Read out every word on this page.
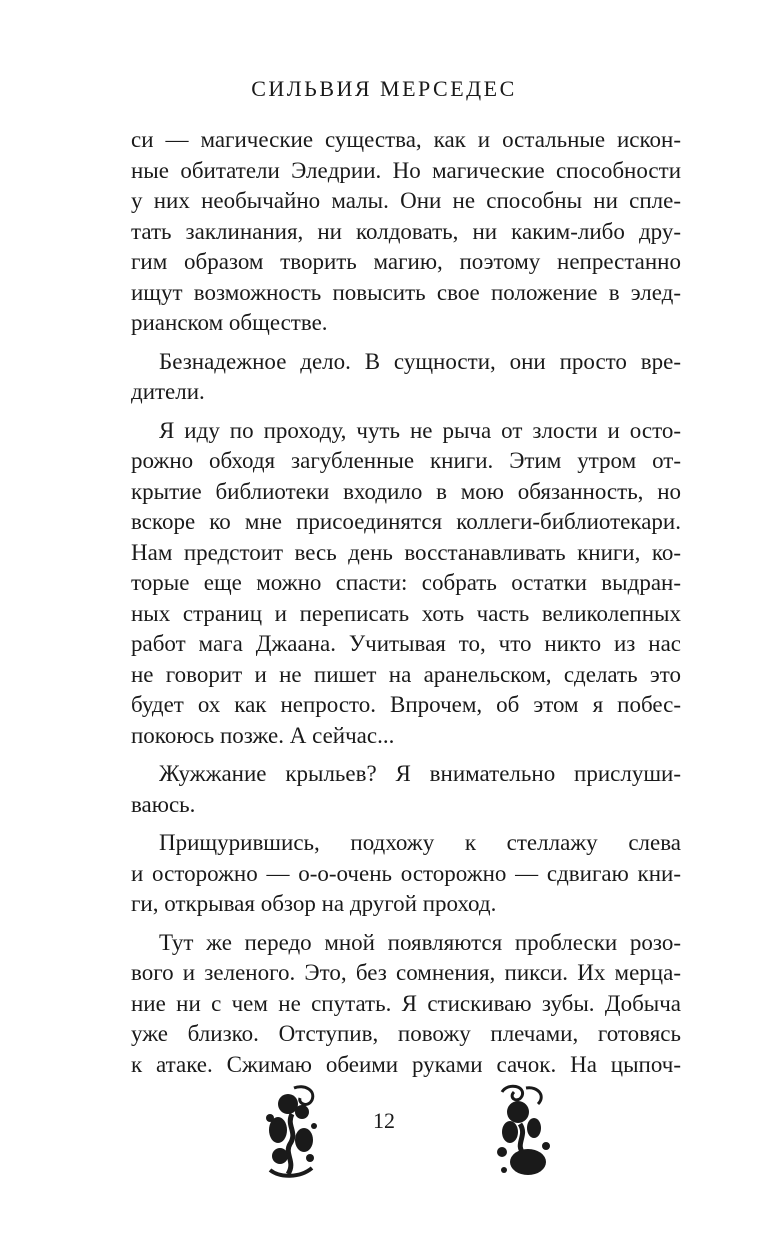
СИЛЬВИЯ МЕРСЕДЕС

си — магические существа, как и остальные искон-
ные обитатели Элeдрии. Но магические способности
у них необычайно малы. Они не способны ни спле-
тать заклинания, ни колдовать, ни каким-либо дру-
гим образом творить магию, поэтому непрестанно
ищут возможность повысить свое положение в элед-
рианском обществе.

Безнадежное дело. В сущности, они просто вре-
дители.

Я иду по проходу, чуть не рыча от злости и осто-
рожно обходя загубленные книги. Этим утром от-
крытие библиотеки входило в мою обязанность, но
вскоре ко мне присоединятся коллеги-библиотекари.
Нам предстоит весь день восстанавливать книги, ко-
торые еще можно спасти: собрать остатки выдран-
ных страниц и переписать хоть часть великолепных
работ мага Джаана. Учитывая то, что никто из нас
не говорит и не пишет на аранельском, сделать это
будет ох как непросто. Впрочем, об этом я побес-
покоюсь позже. А сейчас...

Жужжание крыльев? Я внимательно прислуши-
ваюсь.

Прищурившись, подхожу к стеллажу слева
и осторожно — о-о-очень осторожно — сдвигаю кни-
ги, открывая обзор на другой проход.

Тут же передо мной появляются проблески розо-
вого и зеленого. Это, без сомнения, пикси. Их мерца-
ние ни с чем не спутать. Я стискиваю зубы. Добыча
уже близко. Отступив, повожу плечами, готовясь
к атаке. Сжимаю обеими руками сачок. На цыпоч-

12
